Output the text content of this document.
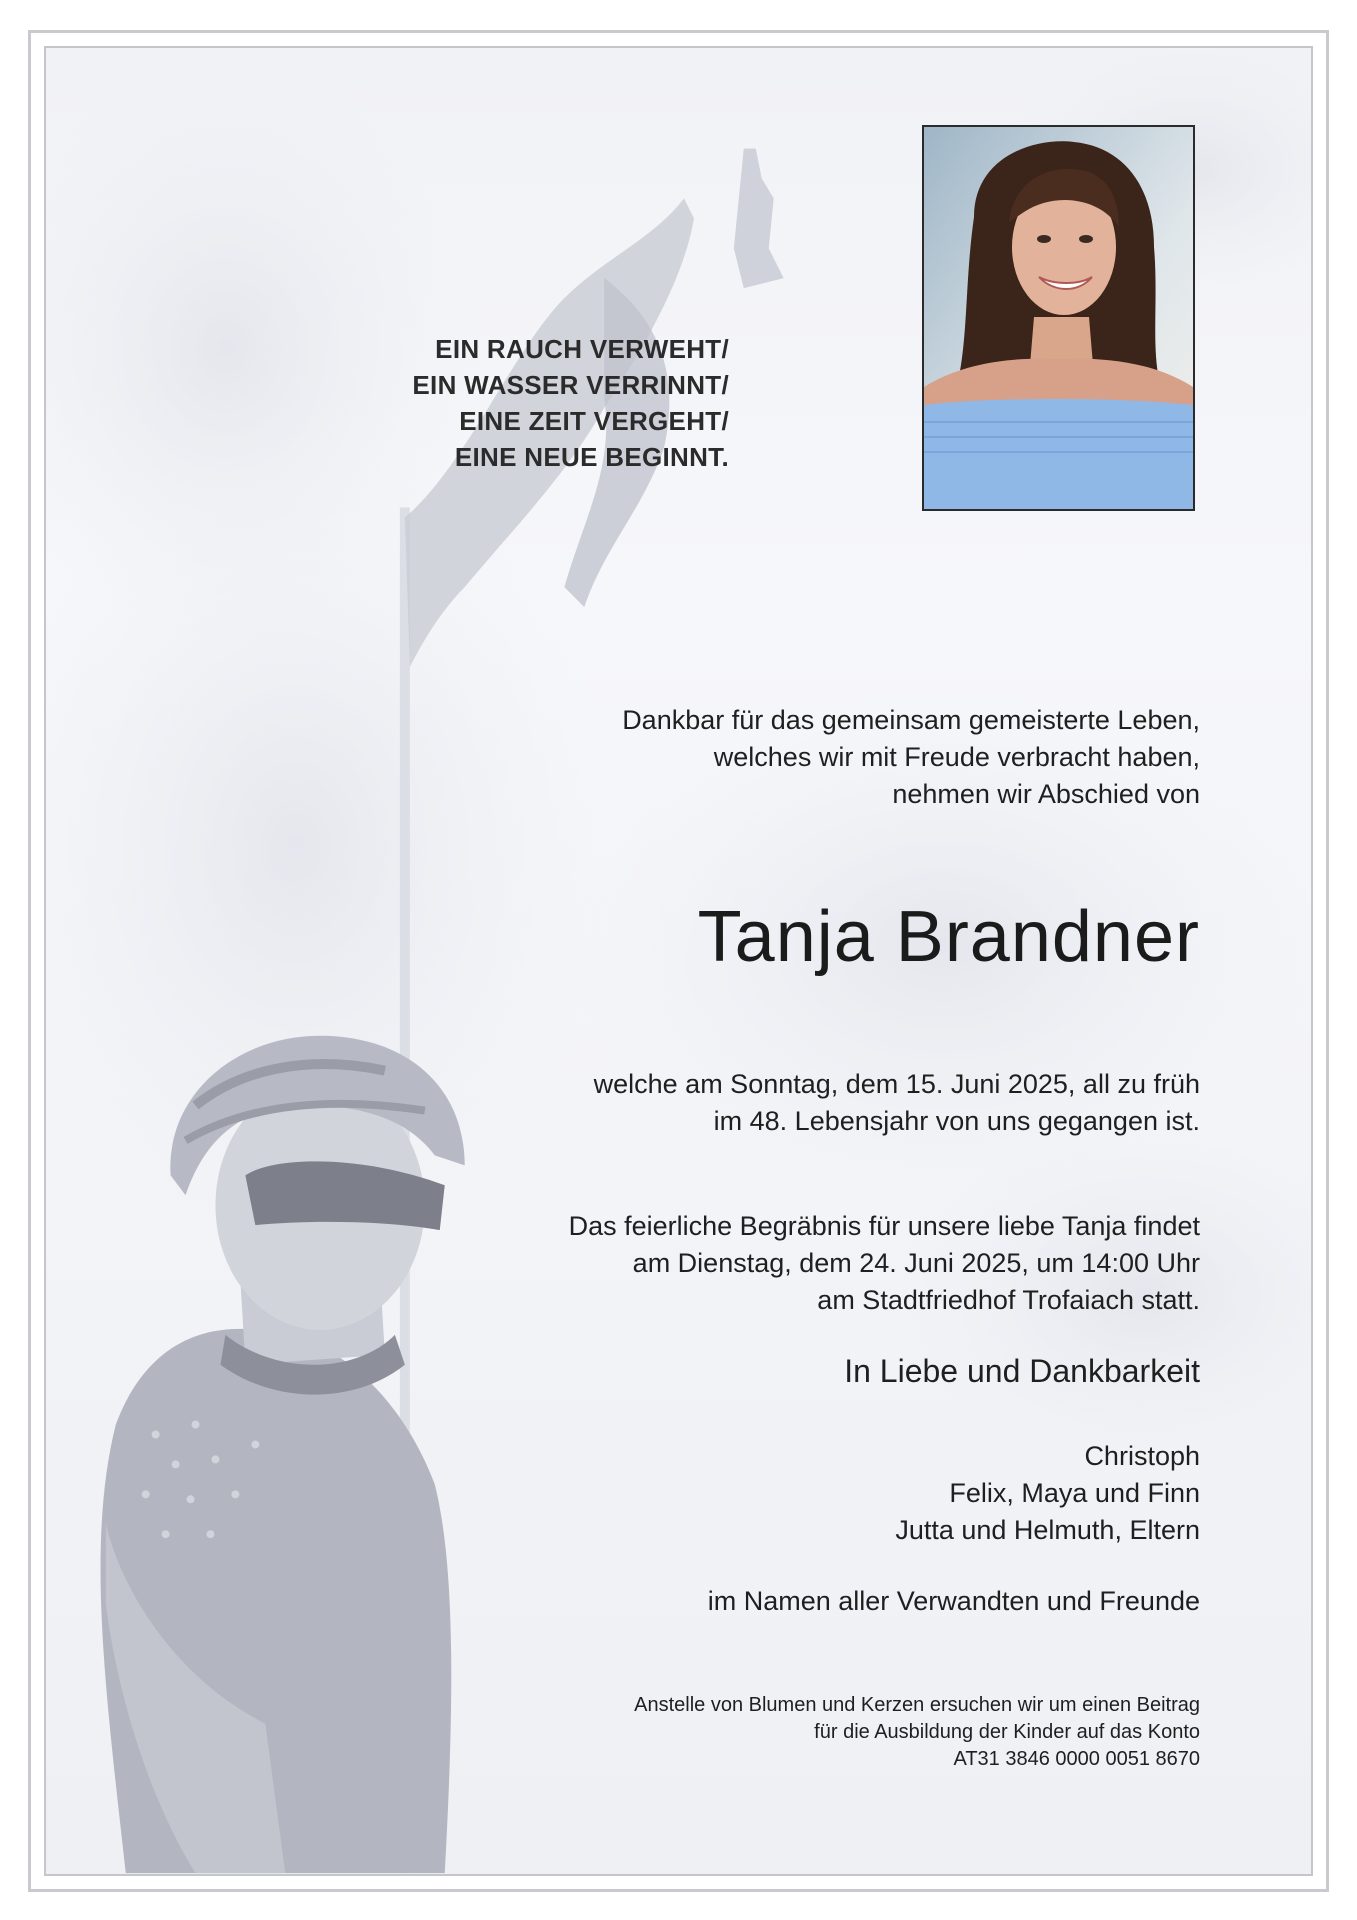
EIN RAUCH VERWEHT/
EIN WASSER VERRINNT/
EINE ZEIT VERGEHT/
EINE NEUE BEGINNT.
Dankbar für das gemeinsam gemeisterte Leben,
welches wir mit Freude verbracht haben,
nehmen wir Abschied von
Tanja Brandner
welche am Sonntag, dem 15. Juni 2025, all zu früh
im 48. Lebensjahr von uns gegangen ist.
Das feierliche Begräbnis für unsere liebe Tanja findet
am Dienstag, dem 24. Juni 2025, um 14:00 Uhr
am Stadtfriedhof Trofaiach statt.
In Liebe und Dankbarkeit
Christoph
Felix, Maya und Finn
Jutta und Helmuth, Eltern
im Namen aller Verwandten und Freunde
Anstelle von Blumen und Kerzen ersuchen wir um einen Beitrag
für die Ausbildung der Kinder auf das Konto
AT31 3846 0000 0051 8670
